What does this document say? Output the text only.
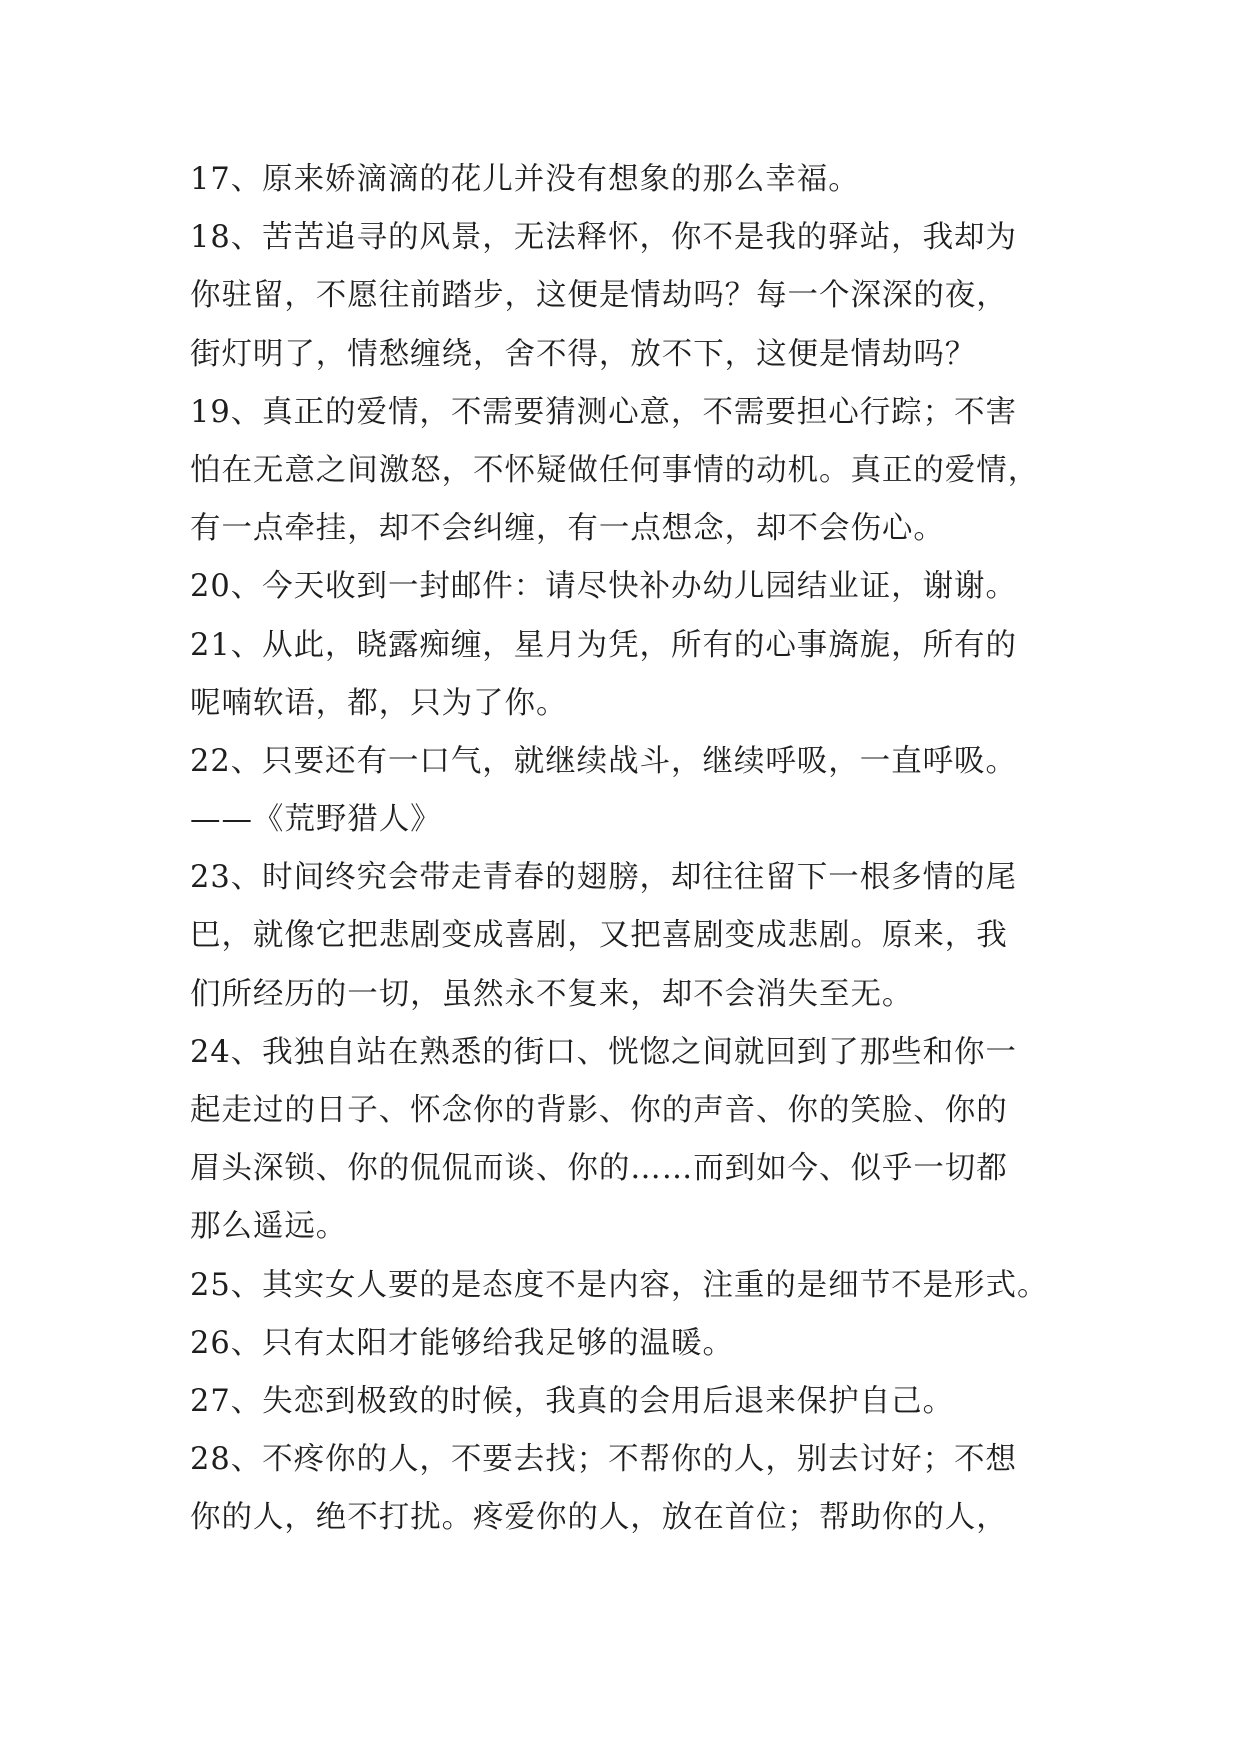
17、原来娇滴滴的花儿并没有想象的那么幸福。
18、苦苦追寻的风景，无法释怀，你不是我的驿站，我却为
你驻留，不愿往前踏步，这便是情劫吗？每一个深深的夜，
街灯明了，情愁缠绕，舍不得，放不下，这便是情劫吗？
19、真正的爱情，不需要猜测心意，不需要担心行踪；不害
怕在无意之间激怒，不怀疑做任何事情的动机。真正的爱情，
有一点牵挂，却不会纠缠，有一点想念，却不会伤心。
20、今天收到一封邮件：请尽快补办幼儿园结业证，谢谢。
21、从此，晓露痴缠，星月为凭，所有的心事旖旎，所有的
呢喃软语，都，只为了你。
22、只要还有一口气，就继续战斗，继续呼吸，一直呼吸。
——《荒野猎人》
23、时间终究会带走青春的翅膀，却往往留下一根多情的尾
巴，就像它把悲剧变成喜剧，又把喜剧变成悲剧。原来，我
们所经历的一切，虽然永不复来，却不会消失至无。
24、我独自站在熟悉的街口、恍惚之间就回到了那些和你一
起走过的日子、怀念你的背影、你的声音、你的笑脸、你的
眉头深锁、你的侃侃而谈、你的……而到如今、似乎一切都
那么遥远。
25、其实女人要的是态度不是内容，注重的是细节不是形式。
26、只有太阳才能够给我足够的温暖。
27、失恋到极致的时候，我真的会用后退来保护自己。
28、不疼你的人，不要去找；不帮你的人，别去讨好；不想
你的人，绝不打扰。疼爱你的人，放在首位；帮助你的人，
